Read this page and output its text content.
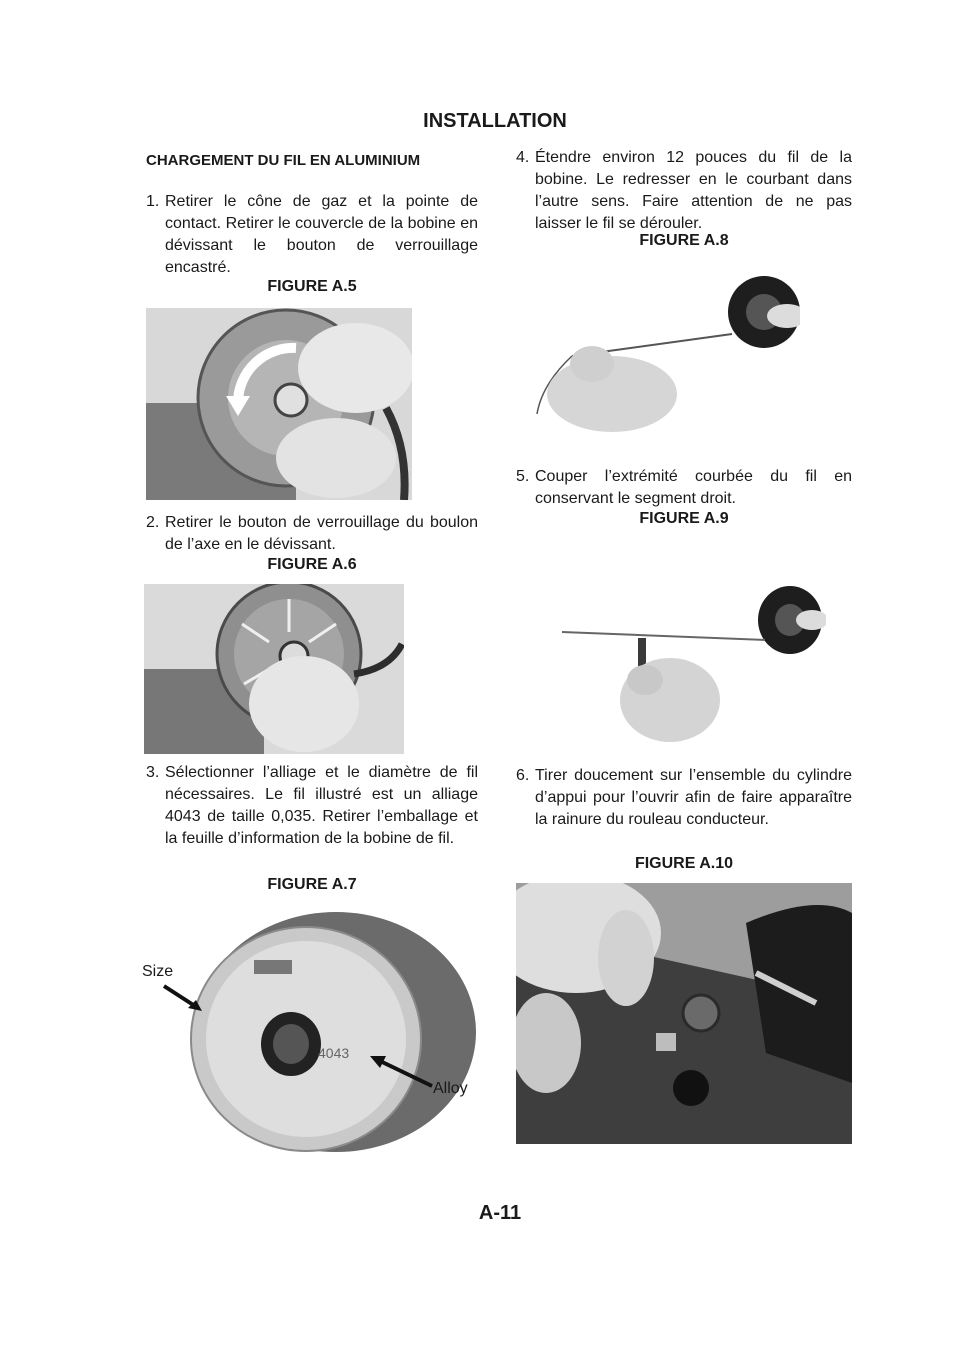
INSTALLATION
CHARGEMENT DU FIL EN ALUMINIUM
1. Retirer le cône de gaz et la pointe de contact. Retirer le couvercle de la bobine en dévissant le bouton de verrouillage encastré.
FIGURE A.5
2. Retirer le bouton de verrouillage du boulon de l’axe en le dévissant.
FIGURE A.6
3. Sélectionner l’alliage et le diamètre de fil nécessaires. Le fil illustré est un alliage 4043 de taille 0,035. Retirer l’emballage et la feuille d’information de la bobine de fil.
FIGURE A.7
4043
Size
Alloy
4. Étendre environ 12 pouces du fil de la bobine. Le redresser en le courbant dans l’autre sens. Faire attention de ne pas laisser le fil se dérouler.
FIGURE A.8
5. Couper l’extrémité courbée du fil en conservant le segment droit.
FIGURE A.9
6. Tirer doucement sur l’ensemble du cylindre d’appui pour l’ouvrir afin de faire apparaître la rainure du rouleau conducteur.
FIGURE A.10
A-11
